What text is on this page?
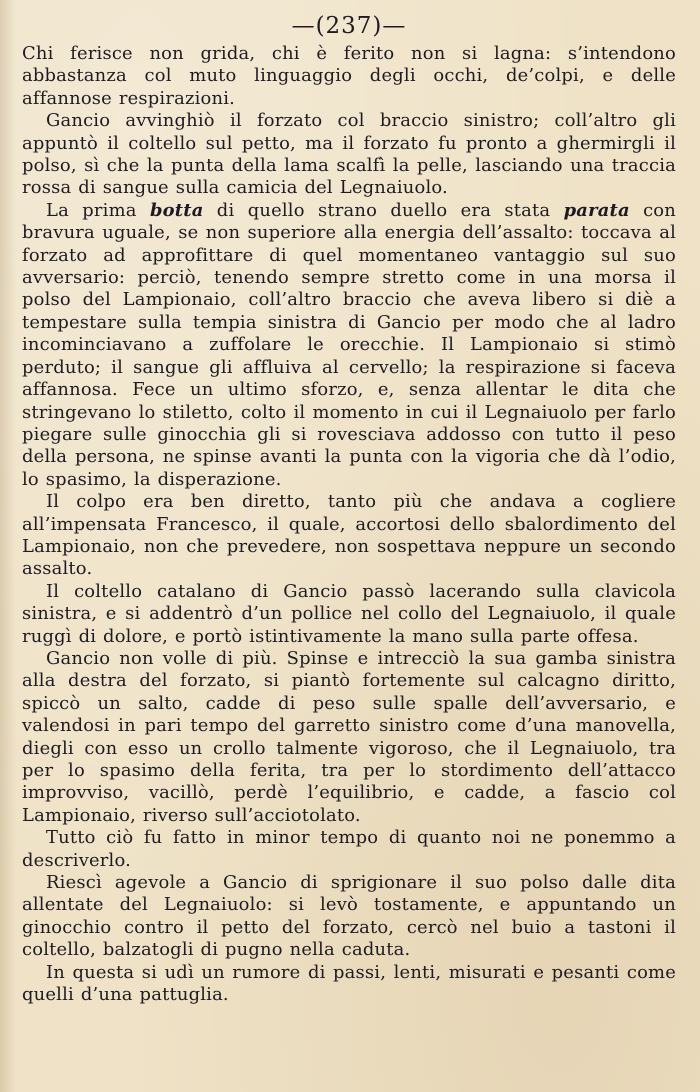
—(237)—

Chi ferisce non grida, chi è ferito non si lagna: s’intendono abbastanza col muto linguaggio degli occhi, de’colpi, e delle affannose respirazioni.

Gancio avvinghiò il forzato col braccio sinistro; coll’altro gli appuntò il coltello sul petto, ma il forzato fu pronto a ghermirgli il polso, sì che la punta della lama scalfì la pelle, lasciando una traccia rossa di sangue sulla camicia del Legnaiuolo.

La prima botta di quello strano duello era stata parata con bravura uguale, se non superiore alla energia dell’assalto: toccava al forzato ad approfittare di quel momentaneo vantaggio sul suo avversario: perciò, tenendo sempre stretto come in una morsa il polso del Lampionaio, coll’altro braccio che aveva libero si diè a tempestare sulla tempia sinistra di Gancio per modo che al ladro incominciavano a zuffolare le orecchie. Il Lampionaio si stimò perduto; il sangue gli affluiva al cervello; la respirazione si faceva affannosa. Fece un ultimo sforzo, e, senza allentar le dita che stringevano lo stiletto, colto il momento in cui il Legnaiuolo per farlo piegare sulle ginocchia gli si rovesciava addosso con tutto il peso della persona, ne spinse avanti la punta con la vigoria che dà l’odio, lo spasimo, la disperazione.

Il colpo era ben diretto, tanto più che andava a cogliere all’impensata Francesco, il quale, accortosi dello sbalordimento del Lampionaio, non che prevedere, non sospettava neppure un secondo assalto.

Il coltello catalano di Gancio passò lacerando sulla clavicola sinistra, e si addentrò d’un pollice nel collo del Legnaiuolo, il quale ruggì di dolore, e portò istintivamente la mano sulla parte offesa.

Gancio non volle di più. Spinse e intrecciò la sua gamba sinistra alla destra del forzato, si piantò fortemente sul calcagno diritto, spiccò un salto, cadde di peso sulle spalle dell’avversario, e valendosi in pari tempo del garretto sinistro come d’una manovella, diegli con esso un crollo talmente vigoroso, che il Legnaiuolo, tra per lo spasimo della ferita, tra per lo stordimento dell’attacco improvviso, vacillò, perdè l’equilibrio, e cadde, a fascio col Lampionaio, riverso sull’acciotolato.

Tutto ciò fu fatto in minor tempo di quanto noi ne ponemmo a descriverlo.

Riescì agevole a Gancio di sprigionare il suo polso dalle dita allentate del Legnaiuolo: si levò tostamente, e appuntando un ginocchio contro il petto del forzato, cercò nel buio a tastoni il coltello, balzatogli di pugno nella caduta.

In questa si udì un rumore di passi, lenti, misurati e pesanti come quelli d’una pattuglia.
